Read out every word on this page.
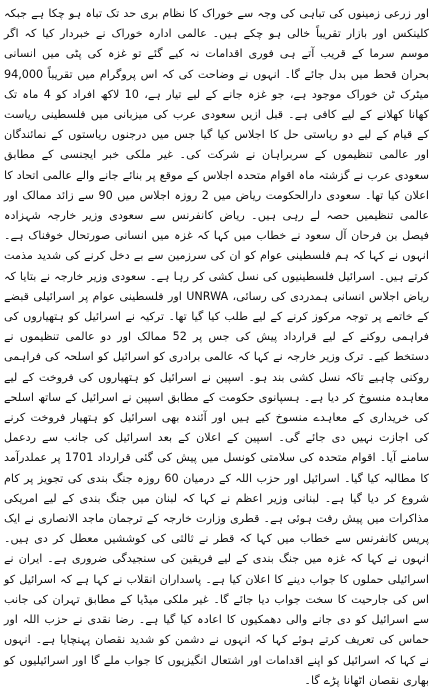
اور زرعی زمینوں کی تباہی کی وجہ سے خوراک کا نظام بری حد تک تباہ ہو چکا ہے جبکہ کلینکس اور بازار تقریباً خالی ہو چکے ہیں۔ عالمی ادارہ خوراک نے خبردار کیا کہ اگر موسم سرما کے قریب آتے ہی فوری اقدامات نہ کیے گئے تو غزہ کی پٹی میں انسانی بحران قحط میں بدل جائے گا۔ انہوں نے وضاحت کی کہ اس پروگرام میں تقریباً 94,000 میٹرک ٹن خوراک موجود ہے، جو غزہ جانے کے لیے تیار ہے، 10 لاکھ افراد کو 4 ماہ تک کھانا کھلانے کے لیے کافی ہے۔ قبل ازیں سعودی عرب کی میزبانی میں فلسطینی ریاست کے قیام کے لیے دو ریاستی حل کا اجلاس کیا گیا جس میں درجنوں ریاستوں کے نمائندگان اور عالمی تنظیموں کے سربراہان نے شرکت کی۔ غیر ملکی خبر ایجنسی کے مطابق سعودی عرب نے گزشتہ ماہ اقوام متحدہ اجلاس کے موقع پر بنائے جانے والے عالمی اتحاد کا اعلان کیا تھا۔ سعودی دارالحکومت ریاض میں 2 روزہ اجلاس میں 90 سے زائد ممالک اور عالمی تنظیمیں حصہ لے رہی ہیں۔ ریاض کانفرنس سے سعودی وزیر خارجہ شہزادہ فیصل بن فرحان آل سعود نے خطاب میں کہا کہ غزہ میں انسانی صورتحال خوفناک ہے۔ انہوں نے کہا کہ ہم فلسطینی عوام کو ان کی سرزمین سے بے دخل کرنے کی شدید مذمت کرتے ہیں۔ اسرائیل فلسطینیوں کی نسل کشی کر رہا ہے۔ سعودی وزیر خارجہ نے بتایا کہ ریاض اجلاس انسانی ہمدردی کی رسائی، UNRWA اور فلسطینی عوام پر اسرائیلی قبضے کے خاتمے پر توجہ مرکوز کرنے کے لیے طلب کیا گیا تھا۔ ترکیہ نے اسرائیل کو ہتھیاروں کی فراہمی روکنے کے لیے قرارداد پیش کی جس پر 52 ممالک اور دو عالمی تنظیموں نے دستخط کیے۔ ترک وزیر خارجہ نے کہا کہ عالمی برادری کو اسرائیل کو اسلحہ کی فراہمی روکنی چاہیے تاکہ نسل کشی بند ہو۔ اسپین نے اسرائیل کو ہتھیاروں کی فروخت کے لیے معاہدہ منسوخ کر دیا ہے۔ ہسپانوی حکومت کے مطابق اسپین نے اسرائیل کے ساتھ اسلحے کی خریداری کے معاہدے منسوخ کیے ہیں اور آئندہ بھی اسرائیل کو ہتھیار فروخت کرنے کی اجازت نہیں دی جائے گی۔ اسپین کے اعلان کے بعد اسرائیل کی جانب سے ردعمل سامنے آیا۔ اقوام متحدہ کی سلامتی کونسل میں پیش کی گئی قرارداد 1701 پر عملدرآمد کا مطالبہ کیا گیا۔ اسرائیل اور حزب اللہ کے درمیان 60 روزہ جنگ بندی کی تجویز پر کام شروع کر دیا گیا ہے۔ لبنانی وزیر اعظم نے کہا کہ لبنان میں جنگ بندی کے لیے امریکی مذاکرات میں پیش رفت ہوئی ہے۔ قطری وزارت خارجہ کے ترجمان ماجد الانصاری نے ایک پریس کانفرنس سے خطاب میں کہا کہ قطر نے ثالثی کی کوششیں معطل کر دی ہیں۔ انہوں نے کہا کہ غزہ میں جنگ بندی کے لیے فریقین کی سنجیدگی ضروری ہے۔ ایران نے اسرائیلی حملوں کا جواب دینے کا اعلان کیا ہے۔ پاسداران انقلاب نے کہا ہے کہ اسرائیل کو اس کی جارحیت کا سخت جواب دیا جائے گا۔ غیر ملکی میڈیا کے مطابق تہران کی جانب سے اسرائیل کو دی جانے والی دھمکیوں کا اعادہ کیا گیا ہے۔ رضا نقدی نے حزب اللہ اور حماس کی تعریف کرتے ہوئے کہا کہ انہوں نے دشمن کو شدید نقصان پہنچایا ہے۔ انہوں نے کہا کہ اسرائیل کو اپنے اقدامات اور اشتعال انگیزیوں کا جواب ملے گا اور اسرائیلیوں کو بھاری نقصان اٹھانا پڑے گا۔
